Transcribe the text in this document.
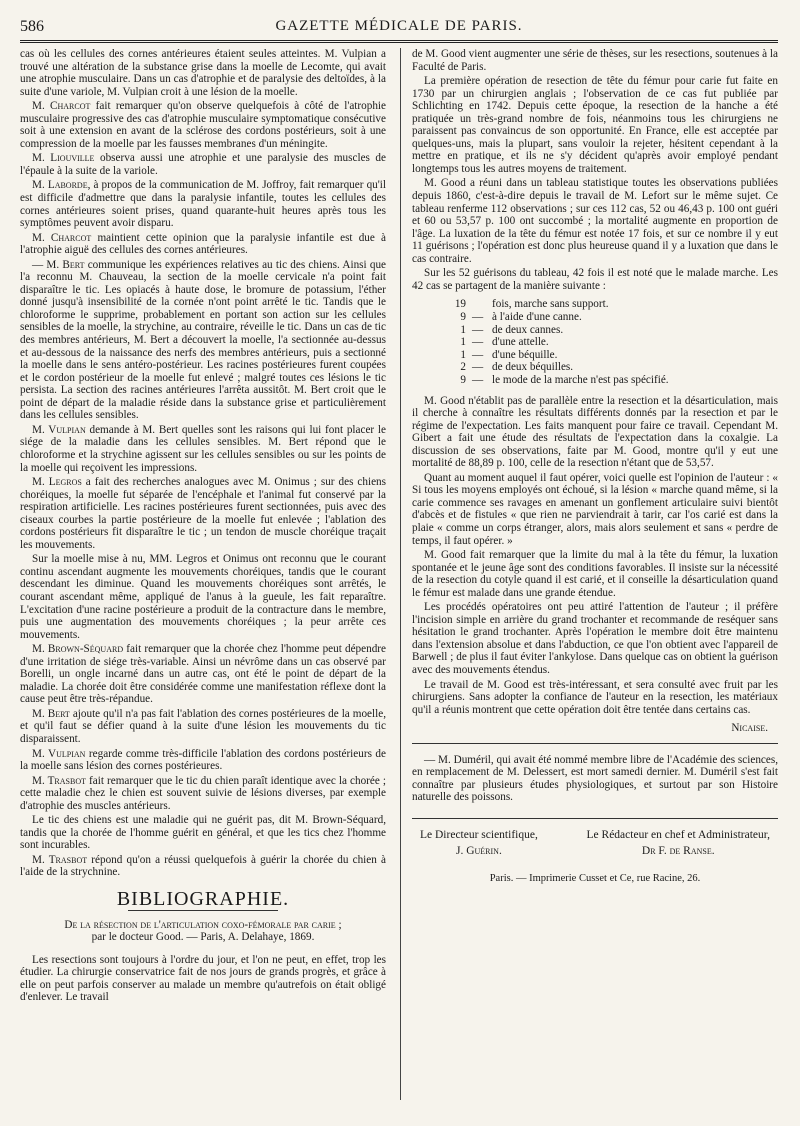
586	GAZETTE MÉDICALE DE PARIS.

cas où les cellules des cornes antérieures étaient seules atteintes. M. Vulpian a trouvé une altération de la substance grise dans la moelle de Lecomte, qui avait une atrophie musculaire. Dans un cas d'atrophie et de paralysie des deltoïdes, à la suite d'une variole, M. Vulpian croit à une lésion de la moelle.

M. Charcot fait remarquer qu'on observe quelquefois à côté de l'atrophie musculaire progressive des cas d'atrophie musculaire symptomatique consécutive soit à une extension en avant de la sclérose des cordons postérieurs, soit à une compression de la moelle par les fausses membranes d'un méningite.

M. Liouville observa aussi une atrophie et une paralysie des muscles de l'épaule à la suite de la variole.

M. Laborde, à propos de la communication de M. Joffroy, fait remarquer qu'il est difficile d'admettre que dans la paralysie infantile, toutes les cellules des cornes antérieures soient prises, quand quarante-huit heures après tous les symptômes peuvent avoir disparu.

M. Charcot maintient cette opinion que la paralysie infantile est due à l'atrophie aiguë des cellules des cornes antérieures.

— M. Bert communique les expériences relatives au tic des chiens. Ainsi que l'a reconnu M. Chauveau, la section de la moelle cervicale n'a point fait disparaître le tic. Les opiacés à haute dose, le bromure de potassium, l'éther donné jusqu'à insensibilité de la cornée n'ont point arrêté le tic. Tandis que le chloroforme le supprime, probablement en portant son action sur les cellules sensibles de la moelle, la strychine, au contraire, réveille le tic. Dans un cas de tic des membres antérieurs, M. Bert a découvert la moelle, l'a sectionnée au-dessus et au-dessous de la naissance des nerfs des membres antérieurs, puis a sectionné la moelle dans le sens antéro-postérieur. Les racines postérieures furent coupées et le cordon postérieur de la moelle fut enlevé ; malgré toutes ces lésions le tic persista. La section des racines antérieures l'arrêta aussitôt. M. Bert croit que le point de départ de la maladie réside dans la substance grise et particulièrement dans les cellules sensibles.

M. Vulpian demande à M. Bert quelles sont les raisons qui lui font placer le siége de la maladie dans les cellules sensibles. M. Bert répond que le chloroforme et la strychine agissent sur les cellules sensibles ou sur les points de la moelle qui reçoivent les impressions.

M. Legros a fait des recherches analogues avec M. Onimus ; sur des chiens choréiques, la moelle fut séparée de l'encéphale et l'animal fut conservé par la respiration artificielle. Les racines postérieures furent sectionnées, puis avec des ciseaux courbes la partie postérieure de la moelle fut enlevée ; l'ablation des cordons postérieurs fit disparaître le tic ; un tendon de muscle choréique traçait les mouvements.

Sur la moelle mise à nu, MM. Legros et Onimus ont reconnu que le courant continu ascendant augmente les mouvements choréiques, tandis que le courant descendant les diminue. Quand les mouvements choréiques sont arrêtés, le courant ascendant même, appliqué de l'anus à la gueule, les fait reparaître. L'excitation d'une racine postérieure a produit de la contracture dans le membre, puis une augmentation des mouvements choréiques ; la peur arrête ces mouvements.

M. Brown-Séquard fait remarquer que la chorée chez l'homme peut dépendre d'une irritation de siége très-variable. Ainsi un névrôme dans un cas observé par Borelli, un ongle incarné dans un autre cas, ont été le point de départ de la maladie. La chorée doit être considérée comme une manifestation réflexe dont la cause peut être très-répandue.

M. Bert ajoute qu'il n'a pas fait l'ablation des cornes postérieures de la moelle, et qu'il faut se défier quand à la suite d'une lésion les mouvements du tic disparaissent.

M. Vulpian regarde comme très-difficile l'ablation des cordons postérieurs de la moelle sans lésion des cornes postérieures.

M. Trasbot fait remarquer que le tic du chien paraît identique avec la chorée ; cette maladie chez le chien est souvent suivie de lésions diverses, par exemple d'atrophie des muscles antérieurs.

Le tic des chiens est une maladie qui ne guérit pas, dit M. Brown-Séquard, tandis que la chorée de l'homme guérit en général, et que les tics chez l'homme sont incurables.

M. Trasbot répond qu'on a réussi quelquefois à guérir la chorée du chien à l'aide de la strychnine.

BIBLIOGRAPHIE.
De la résection de l'articulation coxo-fémorale par carie ;
par le docteur Good. — Paris, A. Delahaye, 1869.

Les resections sont toujours à l'ordre du jour, et l'on ne peut, en effet, trop les étudier. La chirurgie conservatrice fait de nos jours de grands progrès, et grâce à elle on peut parfois conserver au malade un membre qu'autrefois on était obligé d'enlever. Le travail

de M. Good vient augmenter une série de thèses, sur les resections, soutenues à la Faculté de Paris.

La première opération de resection de tête du fémur pour carie fut faite en 1730 par un chirurgien anglais ; l'observation de ce cas fut publiée par Schlichting en 1742. Depuis cette époque, la resection de la hanche a été pratiquée un très-grand nombre de fois, néanmoins tous les chirurgiens ne paraissent pas convaincus de son opportunité. En France, elle est acceptée par quelques-uns, mais la plupart, sans vouloir la rejeter, hésitent cependant à la mettre en pratique, et ils ne s'y décident qu'après avoir employé pendant longtemps tous les autres moyens de traitement.

M. Good a réuni dans un tableau statistique toutes les observations publiées depuis 1860, c'est-à-dire depuis le travail de M. Lefort sur le même sujet. Ce tableau renferme 112 observations ; sur ces 112 cas, 52 ou 46,43 p. 100 ont guéri et 60 ou 53,57 p. 100 ont succombé ; la mortalité augmente en proportion de l'âge. La luxation de la tête du fémur est notée 17 fois, et sur ce nombre il y eut 11 guérisons ; l'opération est donc plus heureuse quand il y a luxation que dans le cas contraire.

Sur les 52 guérisons du tableau, 42 fois il est noté que le malade marche. Les 42 cas se partagent de la manière suivante :

19 fois, marche sans support.
9 — à l'aide d'une canne.
1 — de deux cannes.
1 — d'une attelle.
1 — d'une béquille.
2 — de deux béquilles.
9 — le mode de la marche n'est pas spécifié.

M. Good n'établit pas de parallèle entre la resection et la désarticulation, mais il cherche à connaître les résultats différents donnés par la resection et par le régime de l'expectation. Les faits manquent pour faire ce travail. Cependant M. Gibert a fait une étude des résultats de l'expectation dans la coxalgie. La discussion de ses observations, faite par M. Good, montre qu'il y eut une mortalité de 88,89 p. 100, celle de la resection n'étant que de 53,57.

Quant au moment auquel il faut opérer, voici quelle est l'opinion de l'auteur : « Si tous les moyens employés ont échoué, si la lésion « marche quand même, si la carie commence ses ravages en amenant un gonflement articulaire suivi bientôt d'abcès et de fistules « que rien ne parviendrait à tarir, car l'os carié est dans la plaie « comme un corps étranger, alors, mais alors seulement et sans « perdre de temps, il faut opérer. »

M. Good fait remarquer que la limite du mal à la tête du fémur, la luxation spontanée et le jeune âge sont des conditions favorables. Il insiste sur la nécessité de la resection du cotyle quand il est carié, et il conseille la désarticulation quand le fémur est malade dans une grande étendue.

Les procédés opératoires ont peu attiré l'attention de l'auteur ; il préfère l'incision simple en arrière du grand trochanter et recommande de reséquer sans hésitation le grand trochanter. Après l'opération le membre doit être maintenu dans l'extension absolue et dans l'abduction, ce que l'on obtient avec l'appareil de Barwell ; de plus il faut éviter l'ankylose. Dans quelque cas on obtient la guérison avec des mouvements étendus.

Le travail de M. Good est très-intéressant, et sera consulté avec fruit par les chirurgiens. Sans adopter la confiance de l'auteur en la resection, les matériaux qu'il a réunis montrent que cette opération doit être tentée dans certains cas.

Nicaise.

— M. Duméril, qui avait été nommé membre libre de l'Académie des sciences, en remplacement de M. Delessert, est mort samedi dernier. M. Duméril s'est fait connaître par plusieurs études physiologiques, et surtout par son Histoire naturelle des poissons.

Le Directeur scientifique,
J. Guérin.
Le Rédacteur en chef et Administrateur,
Dr F. de Ranse.
Paris. — Imprimerie Cusset et Ce, rue Racine, 26.
